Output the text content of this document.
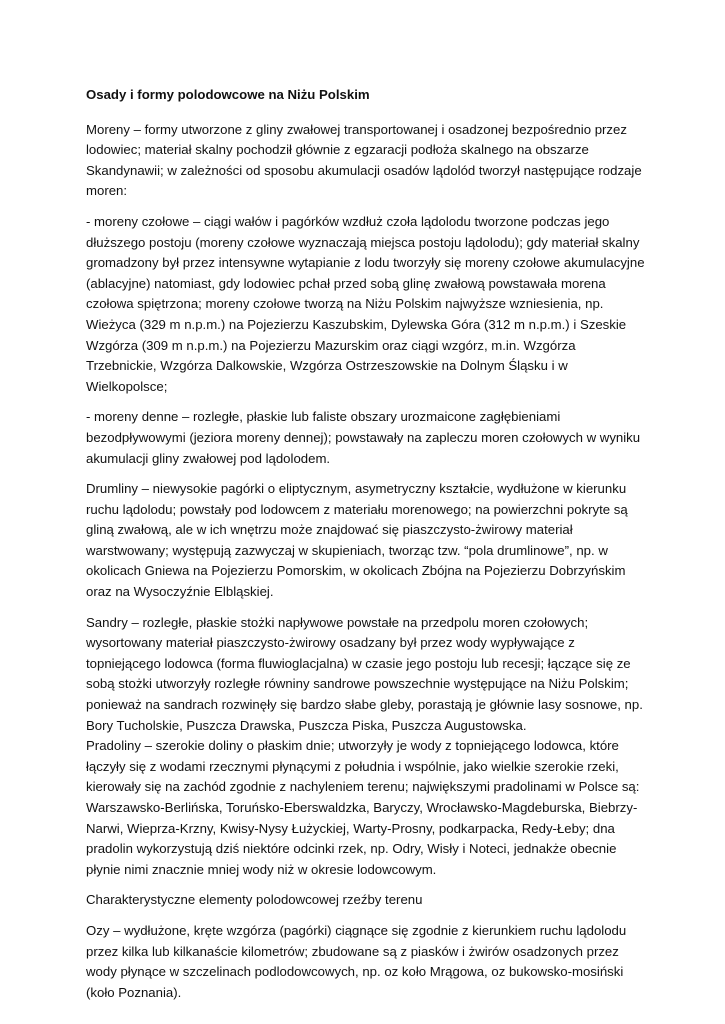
Osady i formy polodowcowe na Niżu Polskim

Moreny – formy utworzone z gliny zwałowej transportowanej i osadzonej bezpośrednio przez lodowiec; materiał skalny pochodził głównie z egzaracji podłoża skalnego na obszarze Skandynawii; w zależności od sposobu akumulacji osadów lądolód tworzył następujące rodzaje moren:

- moreny czołowe – ciągi wałów i pagórków wzdłuż czoła lądolodu tworzone podczas jego dłuższego postoju (moreny czołowe wyznaczają miejsca postoju lądolodu); gdy materiał skalny gromadzony był przez intensywne wytapianie z lodu tworzyły się moreny czołowe akumulacyjne (ablacyjne) natomiast, gdy lodowiec pchał przed sobą glinę zwałową powstawała morena czołowa spiętrzona; moreny czołowe tworzą na Niżu Polskim najwyższe wzniesienia, np. Wieżyca (329 m n.p.m.) na Pojezierzu Kaszubskim, Dylewska Góra (312 m n.p.m.) i Szeskie Wzgórza (309 m n.p.m.) na Pojezierzu Mazurskim oraz ciągi wzgórz, m.in. Wzgórza Trzebnickie, Wzgórza Dalkowskie, Wzgórza Ostrzeszowskie na Dolnym Śląsku i w Wielkopolsce;

- moreny denne – rozległe, płaskie lub faliste obszary urozmaicone zagłębieniami bezodpływowymi (jeziora moreny dennej); powstawały na zapleczu moren czołowych w wyniku akumulacji gliny zwałowej pod lądolodem.

Drumliny – niewysokie pagórki o eliptycznym, asymetryczny kształcie, wydłużone w kierunku ruchu lądolodu; powstały pod lodowcem z materiału morenowego; na powierzchni pokryte są gliną zwałową, ale w ich wnętrzu może znajdować się piaszczysto-żwirowy materiał warstwowany; występują zazwyczaj w skupieniach, tworząc tzw. “pola drumlinowe”, np. w okolicach Gniewa na Pojezierzu Pomorskim, w okolicach Zbójna na Pojezierzu Dobrzyńskim oraz na Wysoczyźnie Elbląskiej.

Sandry – rozległe, płaskie stożki napływowe powstałe na przedpolu moren czołowych; wysortowany materiał piaszczysto-żwirowy osadzany był przez wody wypływające z topniejącego lodowca (forma fluwioglacjalna) w czasie jego postoju lub recesji; łączące się ze sobą stożki utworzyły rozległe równiny sandrowe powszechnie występujące na Niżu Polskim; ponieważ na sandrach rozwinęły się bardzo słabe gleby, porastają je głównie lasy sosnowe, np. Bory Tucholskie, Puszcza Drawska, Puszcza Piska, Puszcza Augustowska.

Pradoliny – szerokie doliny o płaskim dnie; utworzyły je wody z topniejącego lodowca, które łączyły się z wodami rzecznymi płynącymi z południa i wspólnie, jako wielkie szerokie rzeki, kierowały się na zachód zgodnie z nachyleniem terenu; największymi pradolinami w Polsce są: Warszawsko-Berlińska, Toruńsko-Eberswaldzka, Baryczy, Wrocławsko-Magdeburska, Biebrzy-Narwi, Wieprza-Krzny, Kwisy-Nysy Łużyckiej, Warty-Prosny, podkarpacka, Redy-Łeby; dna pradolin wykorzystują dziś niektóre odcinki rzek, np. Odry, Wisły i Noteci, jednakże obecnie płynie nimi znacznie mniej wody niż w okresie lodowcowym.

Charakterystyczne elementy polodowcowej rzeźby terenu

Ozy – wydłużone, kręte wzgórza (pagórki) ciągnące się zgodnie z kierunkiem ruchu lądolodu przez kilka lub kilkanaście kilometrów; zbudowane są z piasków i żwirów osadzonych przez wody płynące w szczelinach podlodowcowych, np. oz koło Mrągowa, oz bukowsko-mosiński (koło Poznania).
